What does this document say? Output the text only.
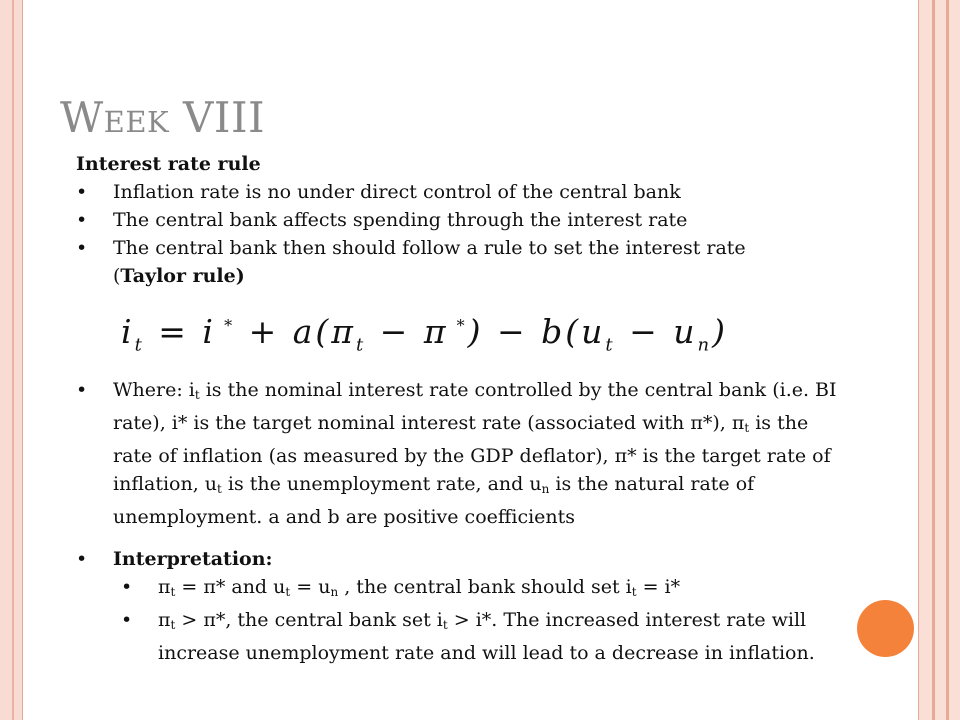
Week VIII

Interest rate rule

• Inflation rate is no under direct control of the central bank
• The central bank affects spending through the interest rate
• The central bank then should follow a rule to set the interest rate
(Taylor rule)
$i_t = i$ $^* + a(\pi_t - \pi$ $^*) - b(u_t - u_n)$
• Where: it is the nominal interest rate controlled by the central bank (i.e. BI rate), i* is the target nominal interest rate (associated with π*), πt is the rate of inflation (as measured by the GDP deflator), π* is the target rate of inflation, ut is the unemployment rate, and un is the natural rate of unemployment. a and b are positive coefficients
• Interpretation:
• πt = π* and ut = un , the central bank should set it = i*
• πt > π*, the central bank set it > i*. The increased interest rate will increase unemployment rate and will lead to a decrease in inflation.
